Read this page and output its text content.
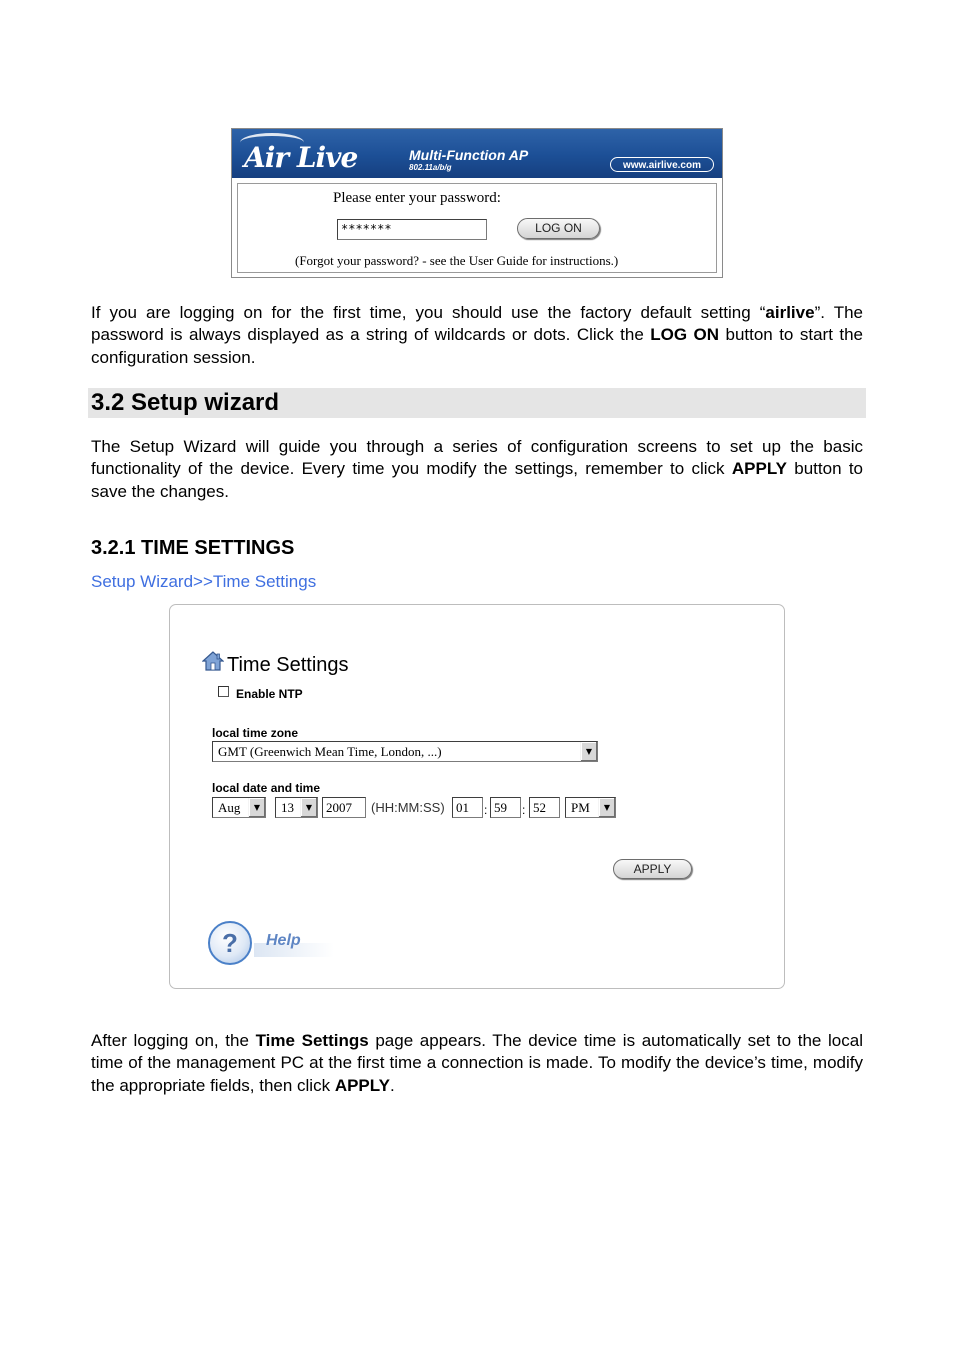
Air Live	Multi-Function AP
802.11a/b/g	www.airlive.com
Please enter your password:
*******	LOG ON
(Forgot your password? - see the User Guide for instructions.)

If you are logging on for the first time, you should use the factory default setting “airlive”. The password is always displayed as a string of wildcards or dots. Click the LOG ON button to start the configuration session.

3.2 Setup wizard

The Setup Wizard will guide you through a series of configuration screens to set up the basic functionality of the device. Every time you modify the settings, remember to click APPLY button to save the changes.

3.2.1 TIME SETTINGS
Setup Wizard>>Time Settings
Time Settings
Enable NTP
local time zone
GMT (Greenwich Mean Time, London, ...)	▼
local date and time
Aug	▼	13	▼	2007	(HH:MM:SS) 01	: 59	: 52	PM	▼
APPLY
?	Help

After logging on, the Time Settings page appears. The device time is automatically set to the local time of the management PC at the first time a connection is made. To modify the device’s time, modify the appropriate fields, then click APPLY.
